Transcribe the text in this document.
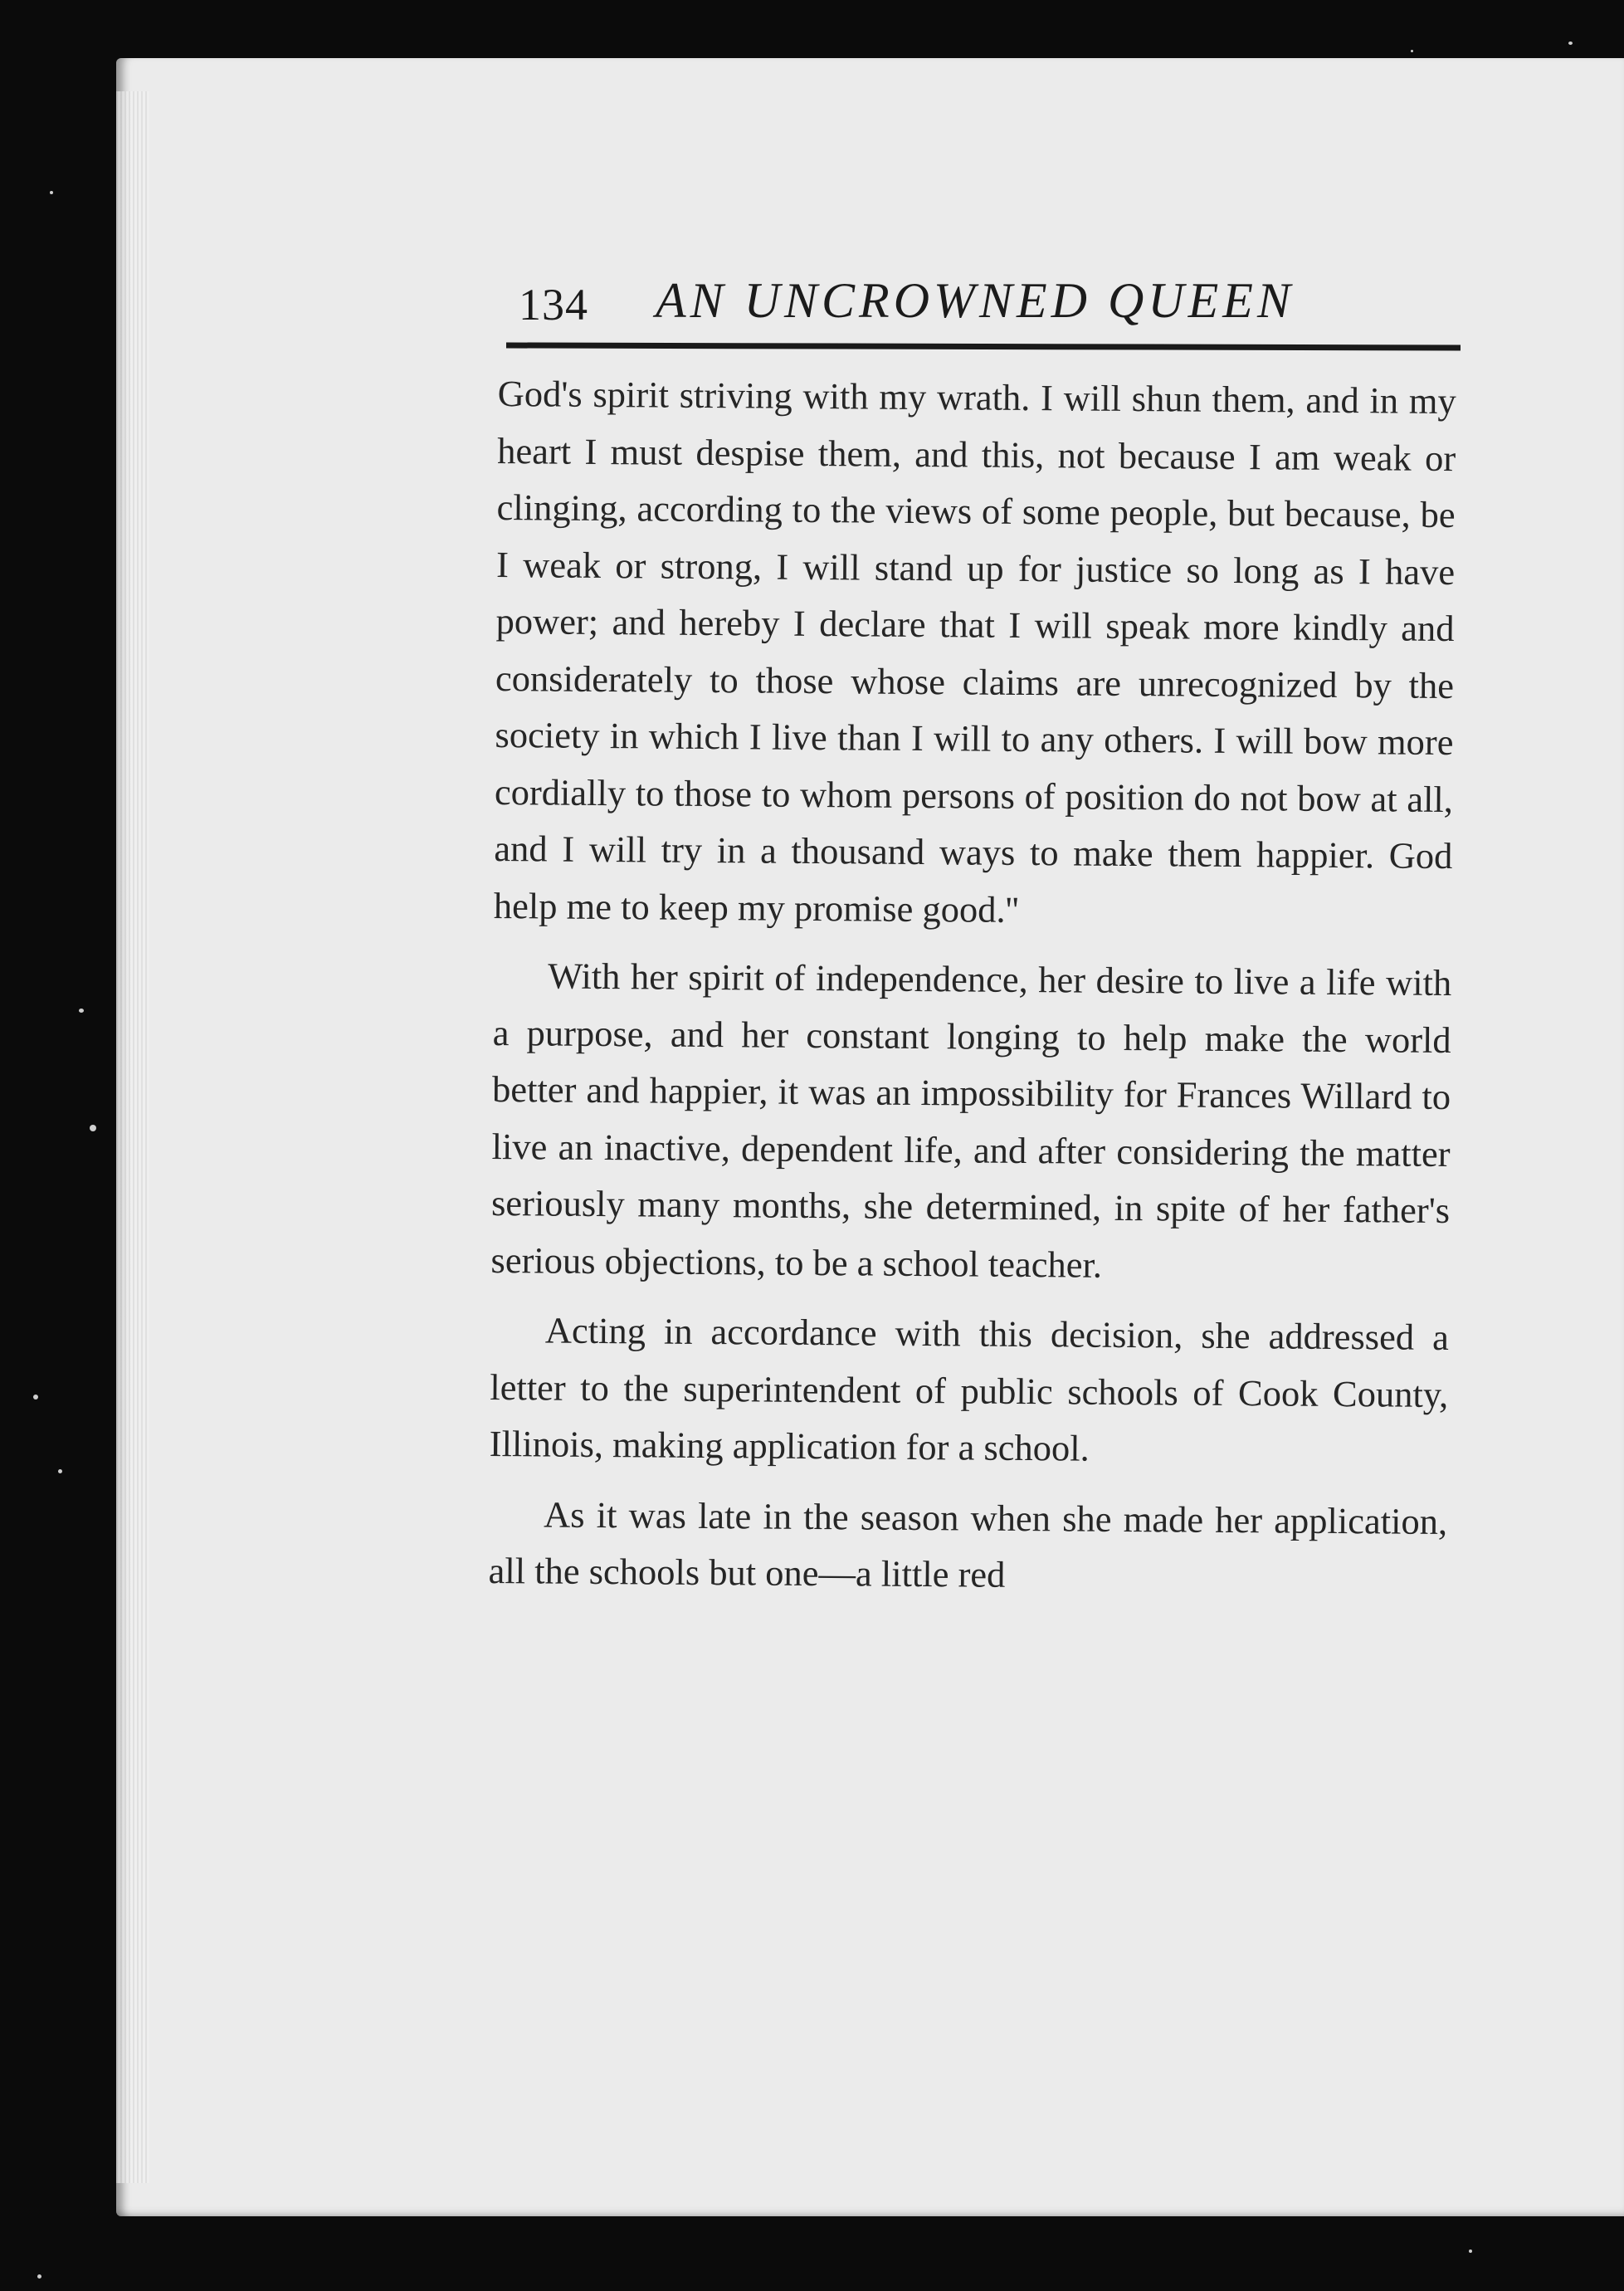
134 AN UNCROWNED QUEEN

God's spirit striving with my wrath. I will shun them, and in my heart I must despise them, and this, not because I am weak or clinging, according to the views of some people, but because, be I weak or strong, I will stand up for justice so long as I have power; and hereby I declare that I will speak more kindly and considerately to those whose claims are unrecognized by the society in which I live than I will to any others. I will bow more cordially to those to whom persons of position do not bow at all, and I will try in a thousand ways to make them happier. God help me to keep my promise good.''

With her spirit of independence, her desire to live a life with a purpose, and her constant longing to help make the world better and happier, it was an impossibility for Frances Willard to live an inactive, dependent life, and after considering the matter seriously many months, she determined, in spite of her father's serious objections, to be a school teacher.

Acting in accordance with this decision, she addressed a letter to the superintendent of public schools of Cook County, Illinois, making application for a school.

As it was late in the season when she made her application, all the schools but one—a little red
